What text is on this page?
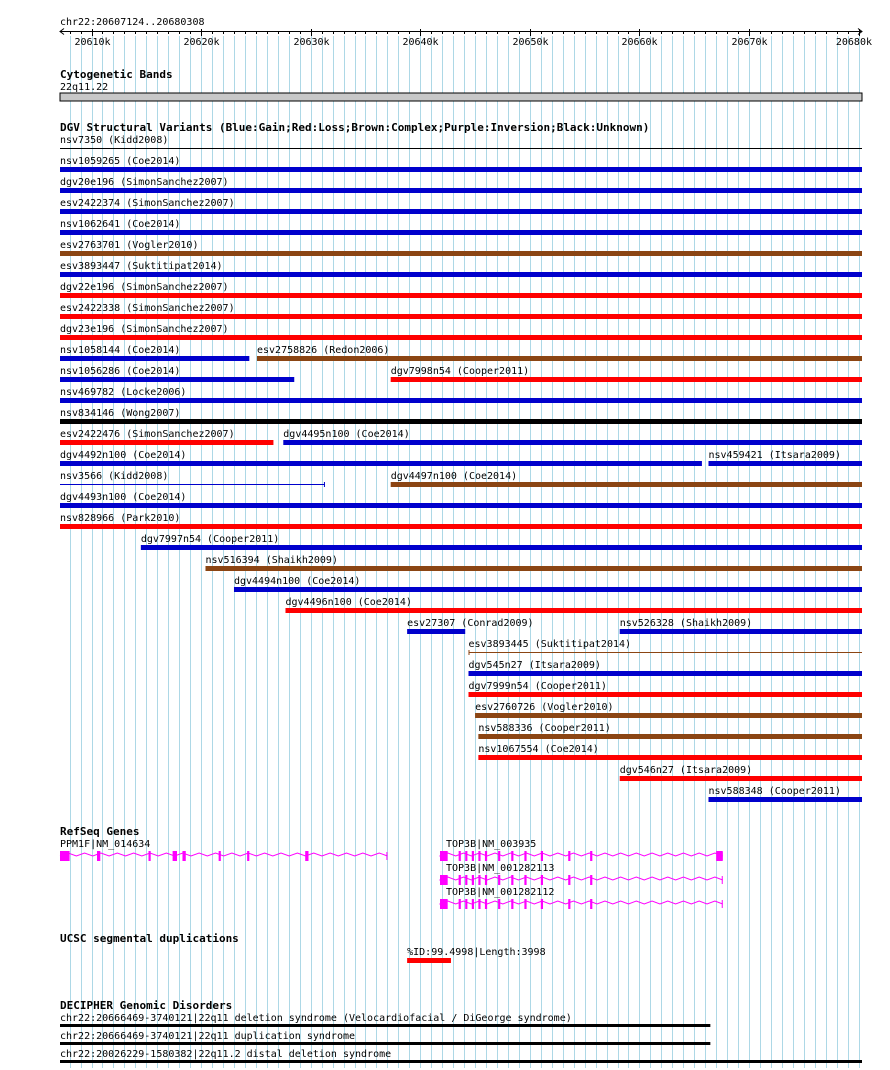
chr22:20607124..20680308
20610k	20620k	20630k	20640k	20650k	20660k	20670k	20680k
Cytogenetic Bands
22q11.22
DGV Structural Variants (Blue:Gain;Red:Loss;Brown:Complex;Purple:Inversion;Black:Unknown)
nsv7350 (Kidd2008)
nsv1059265 (Coe2014)
dgv20e196 (SimonSanchez2007)
esv2422374 (SimonSanchez2007)
nsv1062641 (Coe2014)
esv2763701 (Vogler2010)
esv3893447 (Suktitipat2014)
dgv22e196 (SimonSanchez2007)
esv2422338 (SimonSanchez2007)
dgv23e196 (SimonSanchez2007)
nsv1058144 (Coe2014)	esv2758826 (Redon2006)
nsv1056286 (Coe2014)	dgv7998n54 (Cooper2011)
nsv469782 (Locke2006)
nsv834146 (Wong2007)
esv2422476 (SimonSanchez2007)	dgv4495n100 (Coe2014)
dgv4492n100 (Coe2014)	nsv459421 (Itsara2009)
nsv3566 (Kidd2008)	dgv4497n100 (Coe2014)
dgv4493n100 (Coe2014)
nsv828966 (Park2010)
dgv7997n54 (Cooper2011)
nsv516394 (Shaikh2009)
dgv4494n100 (Coe2014)
dgv4496n100 (Coe2014)
esv27307 (Conrad2009)	nsv526328 (Shaikh2009)
esv3893445 (Suktitipat2014)
dgv545n27 (Itsara2009)
dgv7999n54 (Cooper2011)
esv2760726 (Vogler2010)
nsv588336 (Cooper2011)
nsv1067554 (Coe2014)
dgv546n27 (Itsara2009)
nsv588348 (Cooper2011)
RefSeq Genes
PPM1F|NM_014634	TOP3B|NM_003935
TOP3B|NM_001282113
TOP3B|NM_001282112
UCSC segmental duplications
%ID:99.4998|Length:3998
DECIPHER Genomic Disorders
chr22:20666469-3740121|22q11 deletion syndrome (Velocardiofacial / DiGeorge syndrome)
chr22:20666469-3740121|22q11 duplication syndrome
chr22:20026229-1580382|22q11.2 distal deletion syndrome
